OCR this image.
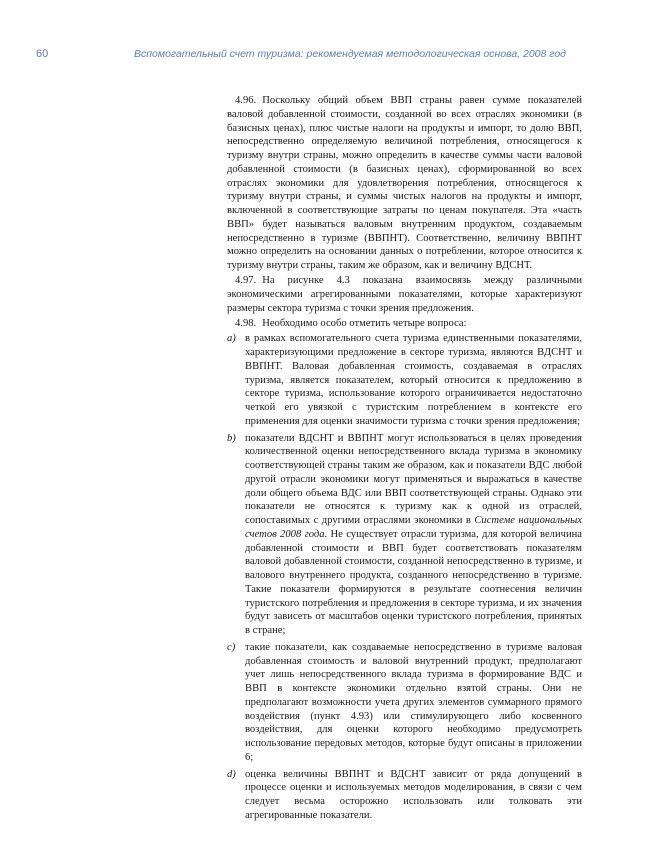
60	Вспомогательный счет туризма: рекомендуемая методологическая основа, 2008 год

4.96. Поскольку общий объем ВВП страны равен сумме показателей валовой добавленной стоимости, созданной во всех отраслях экономики (в базисных ценах), плюс чистые налоги на продукты и импорт, то долю ВВП, непосредственно определяемую величиной потребления, относящегося к туризму внутри страны, можно определить в качестве суммы части валовой добавленной стоимости (в базисных ценах), сформированной во всех отраслях экономики для удовлетворения потребления, относящегося к туризму внутри страны, и суммы чистых налогов на продукты и импорт, включенной в соответствующие затраты по ценам покупателя. Эта «часть ВВП» будет называться валовым внутренним продуктом, создаваемым непосредственно в туризме (ВВПНТ). Соответственно, величину ВВПНТ можно определить на основании данных о потреблении, которое относится к туризму внутри страны, таким же образом, как и величину ВДСНТ.

4.97. На рисунке 4.3 показана взаимосвязь между различными экономическими агрегированными показателями, которые характеризуют размеры сектора туризма с точки зрения предложения.

4.98. Необходимо особо отметить четыре вопроса:

a) в рамках вспомогательного счета туризма единственными показателями, характеризующими предложение в секторе туризма, являются ВДСНТ и ВВПНТ. Валовая добавленная стоимость, создаваемая в отраслях туризма, является показателем, который относится к предложению в секторе туризма, использование которого ограничивается недостаточно четкой его увязкой с туристским потреблением в контексте его применения для оценки значимости туризма с точки зрения предложения;
b) показатели ВДСНТ и ВВПНТ могут использоваться в целях проведения количественной оценки непосредственного вклада туризма в экономику соответствующей страны таким же образом, как и показатели ВДС любой другой отрасли экономики могут применяться и выражаться в качестве доли общего объема ВДС или ВВП соответствующей страны. Однако эти показатели не относятся к туризму как к одной из отраслей, сопоставимых с другими отраслями экономики в Системе национальных счетов 2008 года. Не существует отрасли туризма, для которой величина добавленной стоимости и ВВП будет соответствовать показателям валовой добавленной стоимости, созданной непосредственно в туризме, и валового внутреннего продукта, созданного непосредственно в туризме. Такие показатели формируются в результате соотнесения величин туристского потребления и предложения в секторе туризма, и их значения будут зависеть от масштабов оценки туристского потребления, принятых в стране;
c) такие показатели, как создаваемые непосредственно в туризме валовая добавленная стоимость и валовой внутренний продукт, предполагают учет лишь непосредственного вклада туризма в формирование ВДС и ВВП в контексте экономики отдельно взятой страны. Они не предполагают возможности учета других элементов суммарного прямого воздействия (пункт 4.93) или стимулирующего либо косвенного воздействия, для оценки которого необходимо предусмотреть использование передовых методов, которые будут описаны в приложении 6;
d) оценка величины ВВПНТ и ВДСНТ зависит от ряда допущений в процессе оценки и используемых методов моделирования, в связи с чем следует весьма осторожно использовать или толковать эти агрегированные показатели.
